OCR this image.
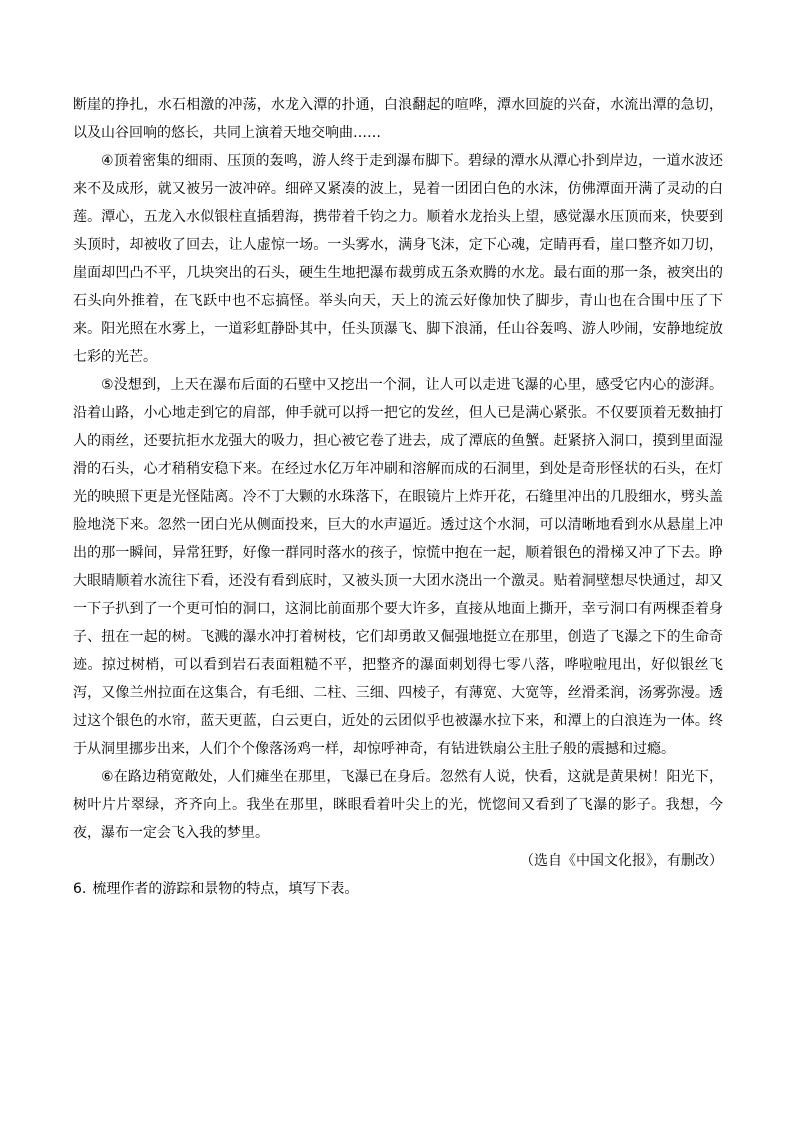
断崖的挣扎，水石相激的冲荡，水龙入潭的扑通，白浪翻起的喧哗，潭水回旋的兴奋，水流出潭的急切，以及山谷回响的悠长，共同上演着天地交响曲……

④顶着密集的细雨、压顶的轰鸣，游人终于走到瀑布脚下。碧绿的潭水从潭心扑到岸边，一道水波还来不及成形，就又被另一波冲碎。细碎又紧凑的波上，晃着一团团白色的水沫，仿佛潭面开满了灵动的白莲。潭心，五龙入水似银柱直插碧海，携带着千钧之力。顺着水龙抬头上望，感觉瀑水压顶而来，快要到头顶时，却被收了回去，让人虚惊一场。一头雾水，满身飞沫，定下心魂，定睛再看，崖口整齐如刀切，崖面却凹凸不平，几块突出的石头，硬生生地把瀑布裁剪成五条欢腾的水龙。最右面的那一条，被突出的石头向外推着，在飞跃中也不忘搞怪。举头向天，天上的流云好像加快了脚步，青山也在合围中压了下来。阳光照在水雾上，一道彩虹静卧其中，任头顶瀑飞、脚下浪涌，任山谷轰鸣、游人吵闹，安静地绽放七彩的光芒。

⑤没想到，上天在瀑布后面的石壁中又挖出一个洞，让人可以走进飞瀑的心里，感受它内心的澎湃。沿着山路，小心地走到它的肩部，伸手就可以捋一把它的发丝，但人已是满心紧张。不仅要顶着无数抽打人的雨丝，还要抗拒水龙强大的吸力，担心被它卷了进去，成了潭底的鱼蟹。赶紧挤入洞口，摸到里面湿滑的石头，心才稍稍安稳下来。在经过水亿万年冲刷和溶解而成的石洞里，到处是奇形怪状的石头，在灯光的映照下更是光怪陆离。冷不丁大颗的水珠落下，在眼镜片上炸开花，石缝里冲出的几股细水，劈头盖脸地浇下来。忽然一团白光从侧面投来，巨大的水声逼近。透过这个水洞，可以清晰地看到水从悬崖上冲出的那一瞬间，异常狂野，好像一群同时落水的孩子，惊慌中抱在一起，顺着银色的滑梯又冲了下去。睁大眼睛顺着水流往下看，还没有看到底时，又被头顶一大团水浇出一个激灵。贴着洞壁想尽快通过，却又一下子扒到了一个更可怕的洞口，这洞比前面那个要大许多，直接从地面上撕开，幸亏洞口有两棵歪着身子、扭在一起的树。飞溅的瀑水冲打着树枝，它们却勇敢又倔强地挺立在那里，创造了飞瀑之下的生命奇迹。掠过树梢，可以看到岩石表面粗糙不平，把整齐的瀑面刺划得七零八落，哗啦啦甩出，好似银丝飞泻，又像兰州拉面在这集合，有毛细、二柱、三细、四棱子，有薄宽、大宽等，丝滑柔润，汤雾弥漫。透过这个银色的水帘，蓝天更蓝，白云更白，近处的云团似乎也被瀑水拉下来，和潭上的白浪连为一体。终于从洞里挪步出来，人们个个像落汤鸡一样，却惊呼神奇，有钻进铁扇公主肚子般的震撼和过瘾。

⑥在路边稍宽敞处，人们瘫坐在那里，飞瀑已在身后。忽然有人说，快看，这就是黄果树！阳光下，树叶片片翠绿，齐齐向上。我坐在那里，眯眼看着叶尖上的光，恍惚间又看到了飞瀑的影子。我想，今夜，瀑布一定会飞入我的梦里。

（选自《中国文化报》，有删改）

6. 梳理作者的游踪和景物的特点，填写下表。
